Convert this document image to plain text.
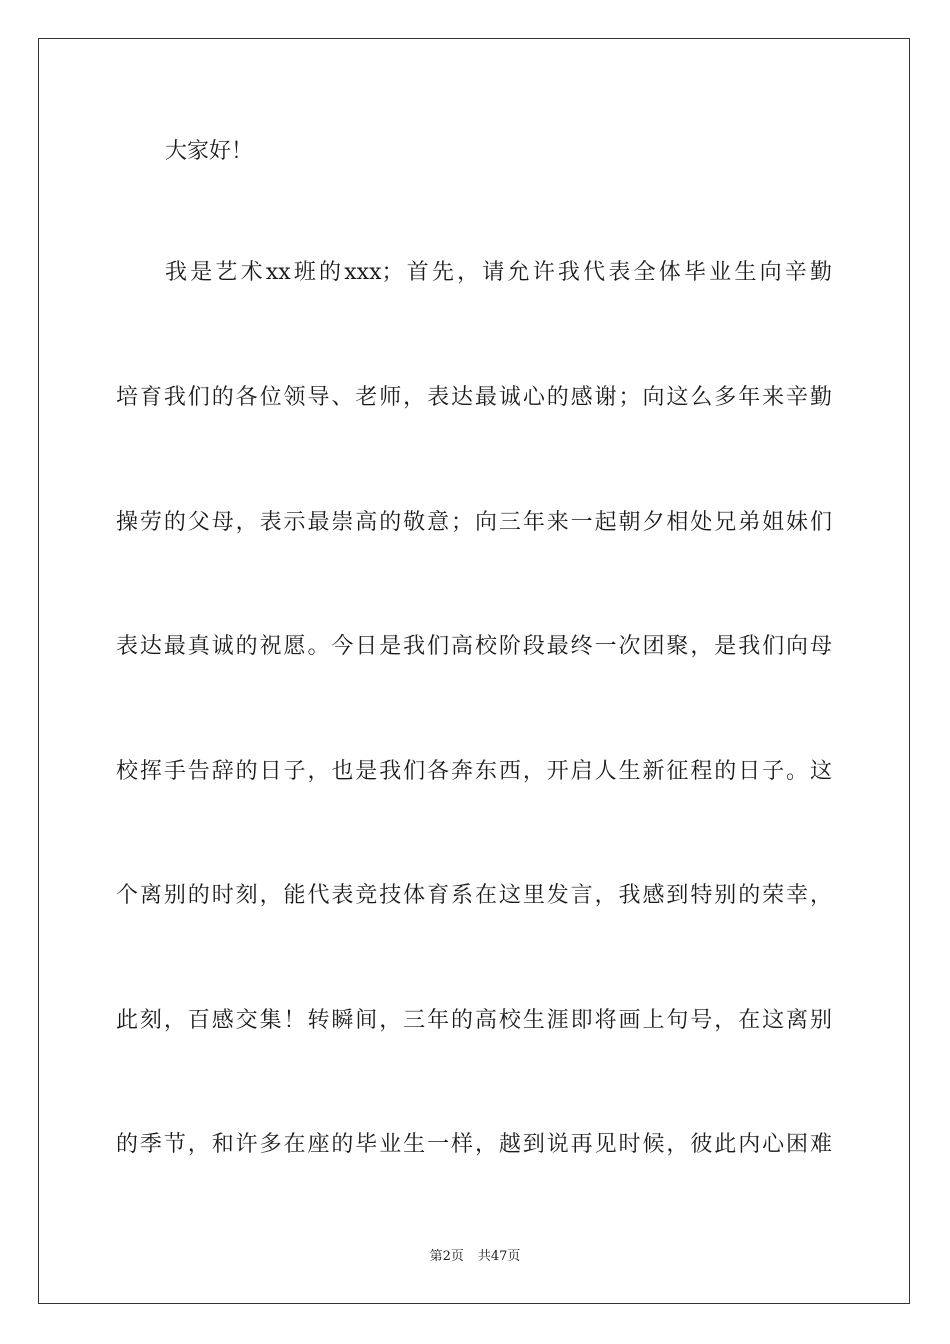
大家好！
我是艺术xx班的xxx；首先，请允许我代表全体毕业生向辛勤
培育我们的各位领导、老师，表达最诚心的感谢；向这么多年来辛勤
操劳的父母，表示最崇高的敬意；向三年来一起朝夕相处兄弟姐妹们
表达最真诚的祝愿。今日是我们高校阶段最终一次团聚，是我们向母
校挥手告辞的日子，也是我们各奔东西，开启人生新征程的日子。这
个离别的时刻，能代表竞技体育系在这里发言，我感到特别的荣幸，
此刻，百感交集！转瞬间，三年的高校生涯即将画上句号，在这离别
的季节，和许多在座的毕业生一样，越到说再见时候，彼此内心困难
第2页 共47页
